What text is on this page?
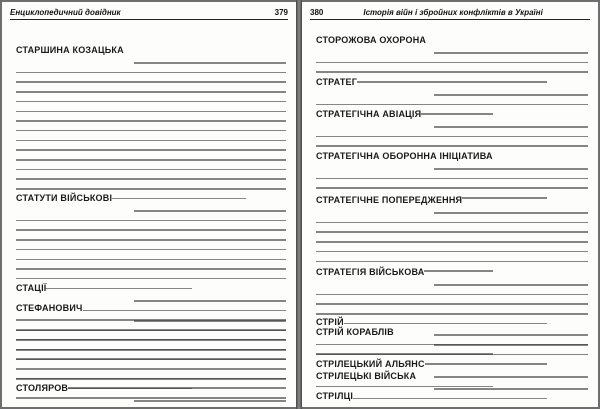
Енциклопедичний довідник	379
СТАРШИНА КОЗАЦЬКА
СТАТУТИ ВІЙСЬКОВІ
СТАЦІЇ
СТЕФАНОВИЧ
СТОЛЯРОВ
380	Історія війн і збройних конфліктів в Україні
СТОРОЖОВА ОХОРОНА
СТРАТЕГ
СТРАТЕГІЧНА АВІАЦІЯ
СТРАТЕГІЧНА ОБОРОННА ІНІЦІАТИВА
СТРАТЕГІЧНЕ ПОПЕРЕДЖЕННЯ
СТРАТЕГІЯ ВІЙСЬКОВА
СТРІЙ
СТРІЙ КОРАБЛІВ
СТРІЛЕЦЬКИЙ АЛЬЯНС
СТРІЛЕЦЬКІ ВІЙСЬКА
СТРІЛЦІ
